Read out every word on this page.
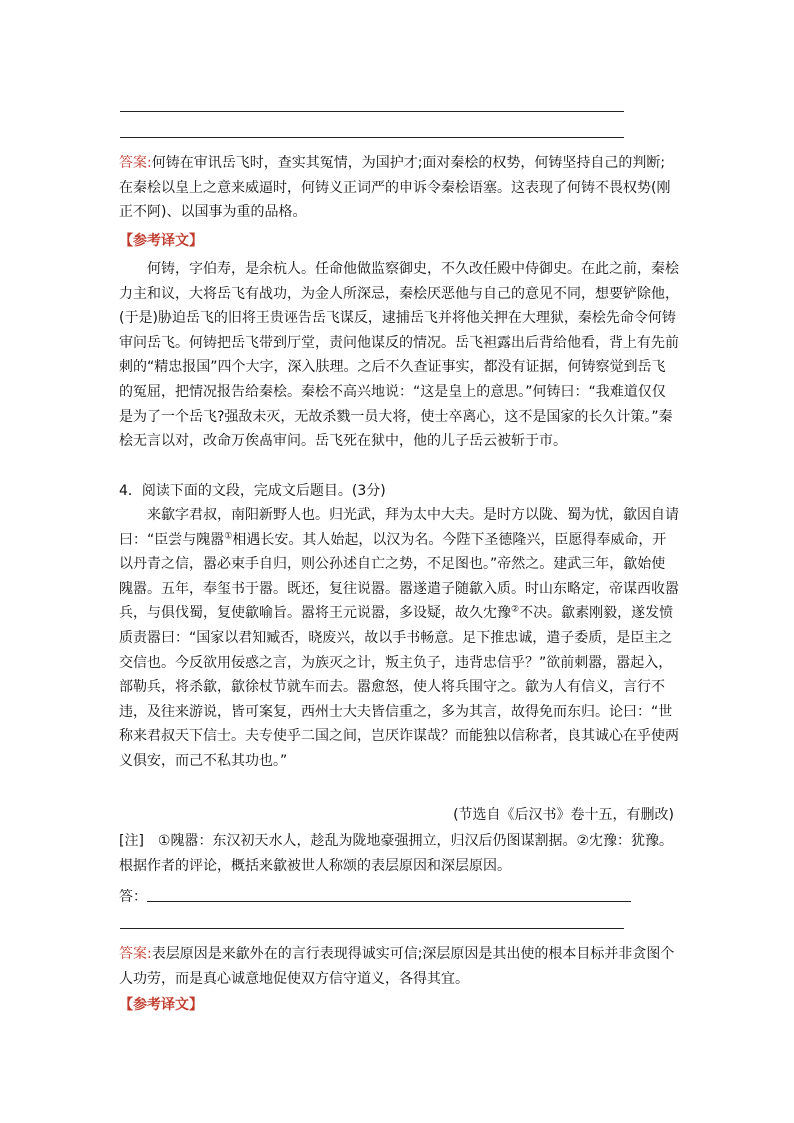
答案:何铸在审讯岳飞时，查实其冤情，为国护才;面对秦桧的权势，何铸坚持自己的判断;在秦桧以皇上之意来威逼时，何铸义正词严的申诉令秦桧语塞。这表现了何铸不畏权势(刚正不阿)、以国事为重的品格。

【参考译文】

何铸，字伯寿，是余杭人。任命他做监察御史，不久改任殿中侍御史。在此之前，秦桧力主和议，大将岳飞有战功，为金人所深忌，秦桧厌恶他与自己的意见不同，想要铲除他，(于是)胁迫岳飞的旧将王贵诬告岳飞谋反，逮捕岳飞并将他关押在大理狱，秦桧先命令何铸审问岳飞。何铸把岳飞带到厅堂，责问他谋反的情况。岳飞袒露出后背给他看，背上有先前刺的“精忠报国”四个大字，深入肤理。之后不久查证事实，都没有证据，何铸察觉到岳飞的冤屈，把情况报告给秦桧。秦桧不高兴地说：“这是皇上的意思。”何铸曰：“我难道仅仅是为了一个岳飞?强敌未灭，无故杀戮一员大将，使士卒离心，这不是国家的长久计策。”秦桧无言以对，改命万俟卨审问。岳飞死在狱中，他的儿子岳云被斩于市。

4．阅读下面的文段，完成文后题目。(3分)

来歙字君叔，南阳新野人也。归光武，拜为太中大夫。是时方以陇、蜀为忧，歙因自请曰：“臣尝与隗嚣①相遇长安。其人始起，以汉为名。今陛下圣德隆兴，臣愿得奉威命，开以丹青之信，嚣必束手自归，则公孙述自亡之势，不足图也。”帝然之。建武三年，歙始使隗嚣。五年，奉玺书于嚣。既还，复往说嚣。嚣遂遣子随歙入质。时山东略定，帝谋西收嚣兵，与俱伐蜀，复使歙喻旨。嚣将王元说嚣，多设疑，故久冘豫②不决。歙素刚毅，遂发愤质责嚣曰：“国家以君知臧否，晓废兴，故以手书畅意。足下推忠诚，遣子委质，是臣主之交信也。今反欲用佞惑之言，为族灭之计，叛主负子，违背忠信乎？”欲前刺嚣，嚣起入，部勒兵，将杀歙，歙徐杖节就车而去。嚣愈怒，使人将兵围守之。歙为人有信义，言行不违，及往来游说，皆可案复，西州士大夫皆信重之，多为其言，故得免而东归。论曰：“世称来君叔天下信士。夫专使乎二国之间，岂厌诈谋哉？而能独以信称者，良其诚心在乎使两义俱安，而己不私其功也。”

(节选自《后汉书》卷十五，有删改)

[注]　①隗嚣：东汉初天水人，趁乱为陇地豪强拥立，归汉后仍图谋割据。②冘豫：犹豫。

根据作者的评论，概括来歙被世人称颂的表层原因和深层原因。

答：

答案:表层原因是来歙外在的言行表现得诚实可信;深层原因是其出使的根本目标并非贪图个人功劳，而是真心诚意地促使双方信守道义，各得其宜。

【参考译文】
